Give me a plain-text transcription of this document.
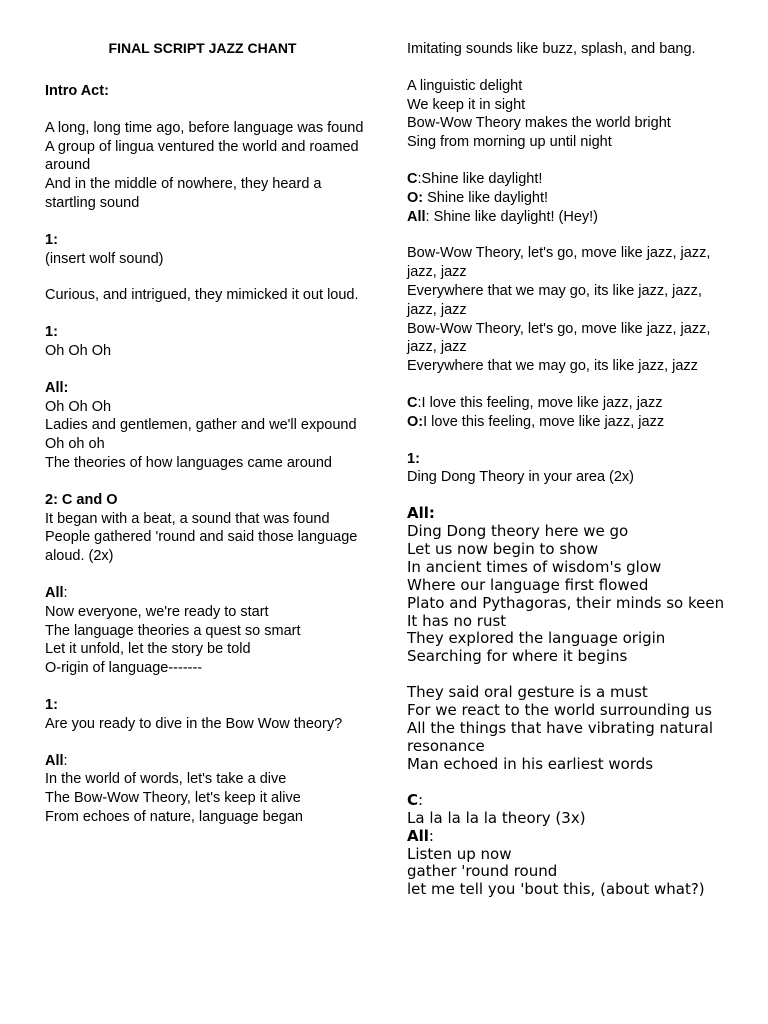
FINAL SCRIPT JAZZ CHANT
Intro Act:
A long, long time ago, before language was found
A group of lingua ventured the world and roamed around
And in the middle of nowhere, they heard a startling sound
1:
(insert wolf sound)
Curious, and intrigued, they mimicked it out loud.
1:
Oh Oh Oh
All:
Oh Oh Oh
Ladies and gentlemen, gather and we'll expound
Oh oh oh
The theories of how languages came around
2: C and O
It began with a beat, a sound that was found
People gathered 'round and said those language aloud. (2x)
All:
Now everyone, we're ready to start
The language theories a quest so smart
Let it unfold, let the story be told
O-rigin of language-------
1:
Are you ready to dive in the Bow Wow theory?
All:
In the world of words, let's take a dive
The Bow-Wow Theory, let's keep it alive
From echoes of nature, language began
Imitating sounds like buzz, splash, and bang.
A linguistic delight
We keep it in sight
Bow-Wow Theory makes the world bright
Sing from morning up until night
C:Shine like daylight!
O: Shine like daylight!
All: Shine like daylight! (Hey!)
Bow-Wow Theory, let's go, move like jazz, jazz, jazz, jazz
Everywhere that we may go, its like jazz, jazz, jazz, jazz
Bow-Wow Theory, let's go, move like jazz, jazz, jazz, jazz
Everywhere that we may go, its like jazz, jazz
C:I love this feeling, move like jazz, jazz
O:I love this feeling, move like jazz, jazz
1:
Ding Dong Theory in your area (2x)
All:
Ding Dong theory here we go
Let us now begin to show
In ancient times of wisdom's glow
Where our language first flowed
Plato and Pythagoras, their minds so keen
It has no rust
They explored the language origin
Searching for where it begins
They said oral gesture is a must
For we react to the world surrounding us
All the things that have vibrating natural resonance
Man echoed in his earliest words
C:
La la la la la theory (3x)
All:
Listen up now
gather 'round round
let me tell you 'bout this, (about what?)
